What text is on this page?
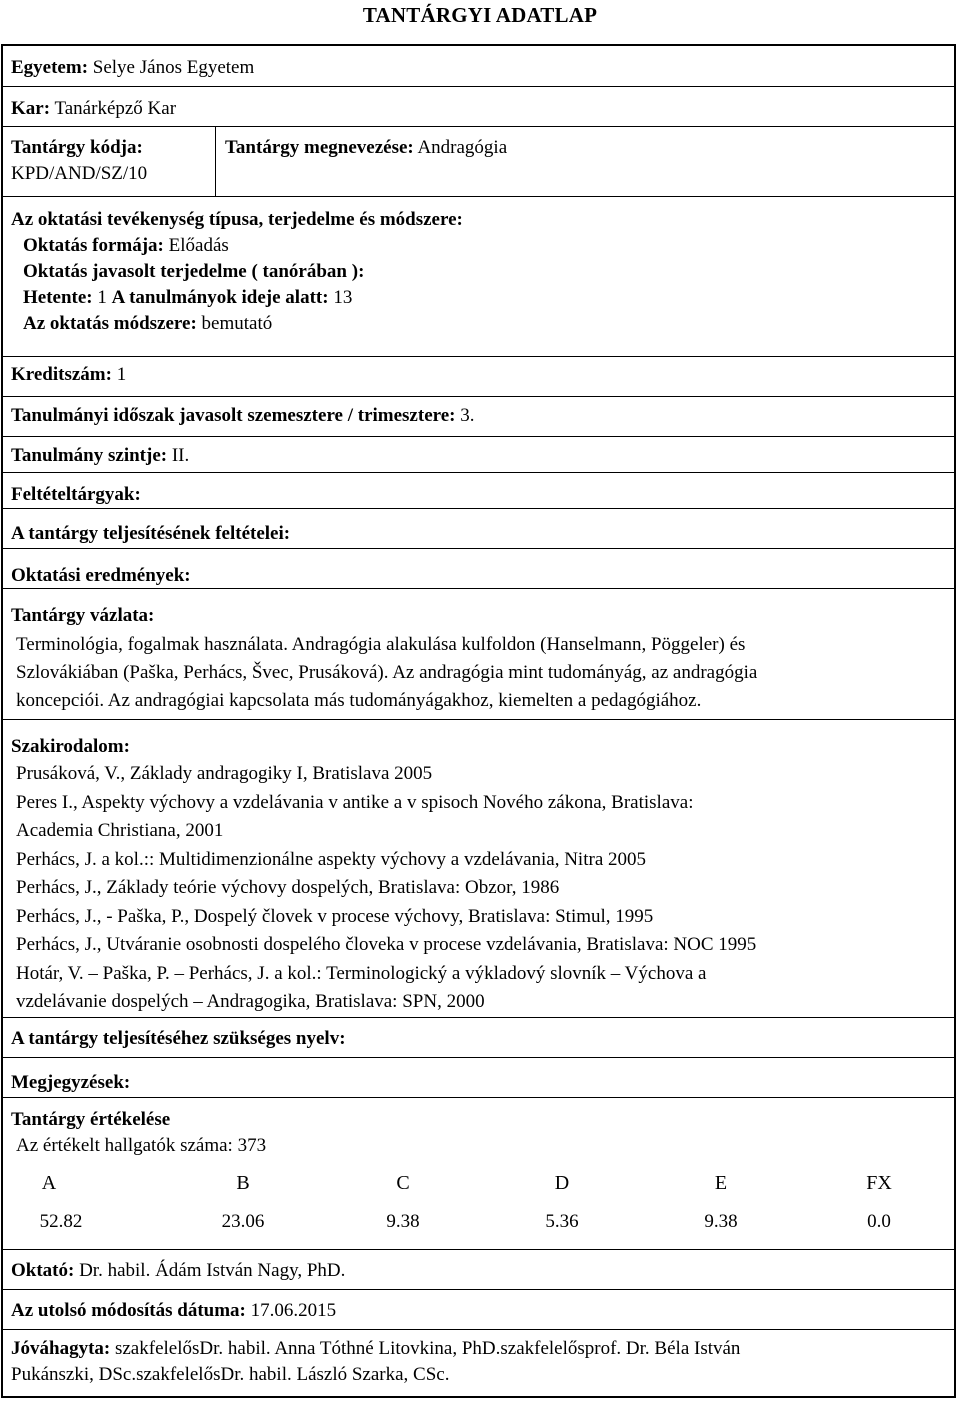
TANTÁRGYI ADATLAP
Egyetem: Selye János Egyetem
Kar: Tanárképző Kar
Tantárgy kódja:
KPD/AND/SZ/10
Tantárgy megnevezése: Andragógia
Az oktatási tevékenység típusa, terjedelme és módszere:
Oktatás formája: Előadás
Oktatás javasolt terjedelme ( tanórában ):
Hetente: 1 A tanulmányok ideje alatt: 13
Az oktatás módszere: bemutató
Kreditszám: 1
Tanulmányi időszak javasolt szemesztere / trimesztere: 3.
Tanulmány szintje: II.
Feltételtárgyak:
A tantárgy teljesítésének feltételei:
Oktatási eredmények:
Tantárgy vázlata:
Terminológia, fogalmak használata. Andragógia alakulása kulfoldon (Hanselmann, Pöggeler) és
Szlovákiában (Paška, Perhács, Švec, Prusáková). Az andragógia mint tudományág, az andragógia
koncepciói. Az andragógiai kapcsolata más tudományágakhoz, kiemelten a pedagógiához.
Szakirodalom:
Prusáková, V., Základy andragogiky I, Bratislava 2005
Peres I., Aspekty výchovy a vzdelávania v antike a v spisoch Nového zákona, Bratislava:
Academia Christiana, 2001
Perhács, J. a kol.:: Multidimenzionálne aspekty výchovy a vzdelávania, Nitra 2005
Perhács, J., Základy teórie výchovy dospelých, Bratislava: Obzor, 1986
Perhács, J., - Paška, P., Dospelý človek v procese výchovy, Bratislava: Stimul, 1995
Perhács, J., Utváranie osobnosti dospelého človeka v procese vzdelávania, Bratislava: NOC 1995
Hotár, V. – Paška, P. – Perhács, J. a kol.: Terminologický a výkladový slovník – Výchova a
vzdelávanie dospelých – Andragogika, Bratislava: SPN, 2000
A tantárgy teljesítéséhez szükséges nyelv:
Megjegyzések:
Tantárgy értékelése
Az értékelt hallgatók száma: 373
A	B	C	D	E	FX
52.82	23.06	9.38	5.36	9.38	0.0
Oktató: Dr. habil. Ádám István Nagy, PhD.
Az utolsó módosítás dátuma: 17.06.2015
Jóváhagyta: szakfelelősDr. habil. Anna Tóthné Litovkina, PhD.szakfelelősprof. Dr. Béla István
Pukánszki, DSc.szakfelelősDr. habil. László Szarka, CSc.
